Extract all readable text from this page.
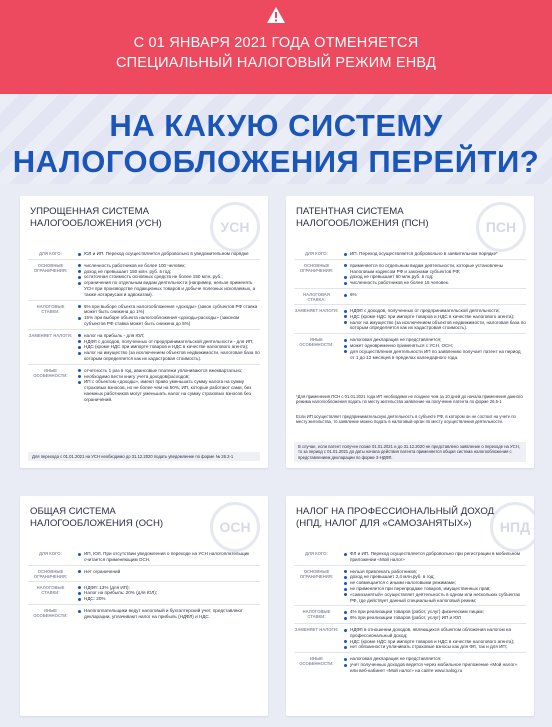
С 01 ЯНВАРЯ 2021 ГОДА ОТМЕНЯЕТСЯ
СПЕЦИАЛЬНЫЙ НАЛОГОВЫЙ РЕЖИМ ЕНВД
НА КАКУЮ СИСТЕМУ
НАЛОГООБЛОЖЕНИЯ ПЕРЕЙТИ?
УПРОЩЕННАЯ СИСТЕМА
НАЛОГООБЛОЖЕНИЯ (УСН)	УСН
ДЛЯ КОГО:	ЮЛ и ИП. Переход осуществляется добровольно в уведомительном порядке
ОСНОВНЫЕ ОГРАНИЧЕНИЯ:
численность работников не более 100 человек;
доход не превышает 150 млн. руб. в год;
остаточная стоимость основных средств не более 150 млн. руб.;
ограничения по отдельным видам деятельности (например, нельзя применять УСН при производстве подакцизных товаров и добыче полезных ископаемых, а также нотариусам и адвокатам).
НАЛОГОВЫЕ СТАВКИ:
6% при выборе объекта налогообложения «доходы» (закон субъектов РФ ставка может быть снижена до 1%)
15% при выборе объекта налогообложения «доходы-расходы» (законом субъектов РФ ставка может быть снижена до 5%)
ЗАМЕНЯЕТ НАЛОГИ:	налог на прибыль - для ЮЛ;
НДФЛ с доходов, полученных от предпринимательской деятельности - для ИП;
НДС (кроме НДС при импорте товаров и НДС в качестве налогового агента);
налог на имущество (за исключением объектов недвижимости, налоговая база по которым определяется как их кадастровая стоимость).
ИНЫЕ ОСОБЕННОСТИ:
отчетность 1 раз в год, авансовые платежи уплачиваются ежеквартально;
необходимо вести книгу учета доходов/расходов;
ИП с объектом «доходы», имеют право уменьшать сумму налога на сумму страховых взносов, но не более чем на 50%; ИП, которые работают сами, без наемных работников могут уменьшать налог на сумму страховых взносов без ограничений.
Для перехода с 01.01.2021 на УСН необходимо до 31.12.2020 подать уведомление по форме № 26.2-1
ПАТЕНТНАЯ СИСТЕМА
НАЛОГООБЛОЖЕНИЯ (ПСН)	ПСН
ДЛЯ КОГО:	ИП. Переход осуществляется добровольно в заявительном порядке*
ОСНОВНЫЕ ОГРАНИЧЕНИЯ:
применяется по отдельным видам деятельности, которые установлены Налоговым кодексом РФ и законами субъектов РФ;
доход не превышает 60 млн.руб. в год;
численность работников не более 15 человек.
НАЛОГОВАЯ СТАВКА:
6%
ЗАМЕНЯЕТ НАЛОГИ:	НДФЛ с доходов, полученных от предпринимательской деятельности;
НДС (кроме НДС при импорте товаров и НДС в качестве налогового агента);
налог на имущество (за исключением объектов недвижимости, налоговая база по которым определяется как их кадастровая стоимость).
ИНЫЕ ОСОБЕННОСТИ:
налоговая декларация не представляется;
может одновременно применяться с УСН, ОСН;
для осуществления деятельности ИП по заявлению получает патент на период от 1 до 12 месяцев в пределах календарного года.
*Для применения ПСН с 01.01.2021 года ИП необходимо не позднее чем за 10 дней до начала применения данного режима налогообложения подать по месту жительства заявление на получение патента по форме 26.5-1
Если ИП осуществляет предпринимательскую деятельность в субъекте РФ, в котором он не состоит на учете по месту жительства, то заявление можно подать в налоговый орган по месту осуществления деятельности.
В случае, если патент получен позже 01.01.2021 и до 31.12.2020 не представлено заявление о переходе на УСН, то за период с 01.01.2021 до даты начала действия патента применяется общая система налогообложения с представлением декларации по форме 3-НДФЛ.
ОБЩАЯ СИСТЕМА
НАЛОГООБЛОЖЕНИЯ (ОСН)	ОСН
ДЛЯ КОГО:	ИП, ЮЛ. При отсутствии уведомления о переходе на УСН налогоплательщик считается применяющим ОСН.
ОСНОВНЫЕ ОГРАНИЧЕНИЯ:
Нет ограничений
НАЛОГОВЫЕ СТАВКИ:
НДФЛ: 13% (для ИП);
Налог на прибыль: 20% (для ЮЛ);
НДС: 20%
ИНЫЕ ОСОБЕННОСТИ:
Налогоплательщики ведут налоговый и бухгалтерский учет, представляют декларации, уплачивают налог на прибыль (НДФЛ) и НДС.
НАЛОГ НА ПРОФЕССИОНАЛЬНЫЙ ДОХОД
(НПД, НАЛОГ ДЛЯ «САМОЗАНЯТЫХ»)	НПД
ДЛЯ КОГО:	ФЛ и ИП. Переход осуществляется добровольно при регистрации в мобильном приложении «Мой налог»
ОСНОВНЫЕ ОГРАНИЧЕНИЯ:
нельзя привлекать работников;
доход не превышает 2,4 млн.руб. в год;
не совмещается с иными налоговыми режимами;
не применяется при перепродаже товаров, имущественных прав;
«самозанятый» осуществляет деятельность в одном или нескольких субъектах РФ, где действует данный специальный налоговый режим;
НАЛОГОВЫЕ СТАВКИ:
4% при реализации товаров (работ, услуг) физическим лицам;
6% при реализации товаров (работ, услуг) ИП и ЮЛ
ЗАМЕНЯЕТ НАЛОГИ:	НДФЛ в отношении доходов, являющихся объектом обложения налогом на профессиональный доход;
НДС (кроме НДС при импорте товаров и НДС в качестве налогового агента);
нет обязанности уплачивать страховые взносы как для ФЛ, так и для ИП;
ИНЫЕ ОСОБЕННОСТИ:
налоговая декларация не представляется;
учет полученных доходов ведется через мобильное приложение «Мой налог» или веб-кабинет «Мой налог» на сайте www.nalog.ru
